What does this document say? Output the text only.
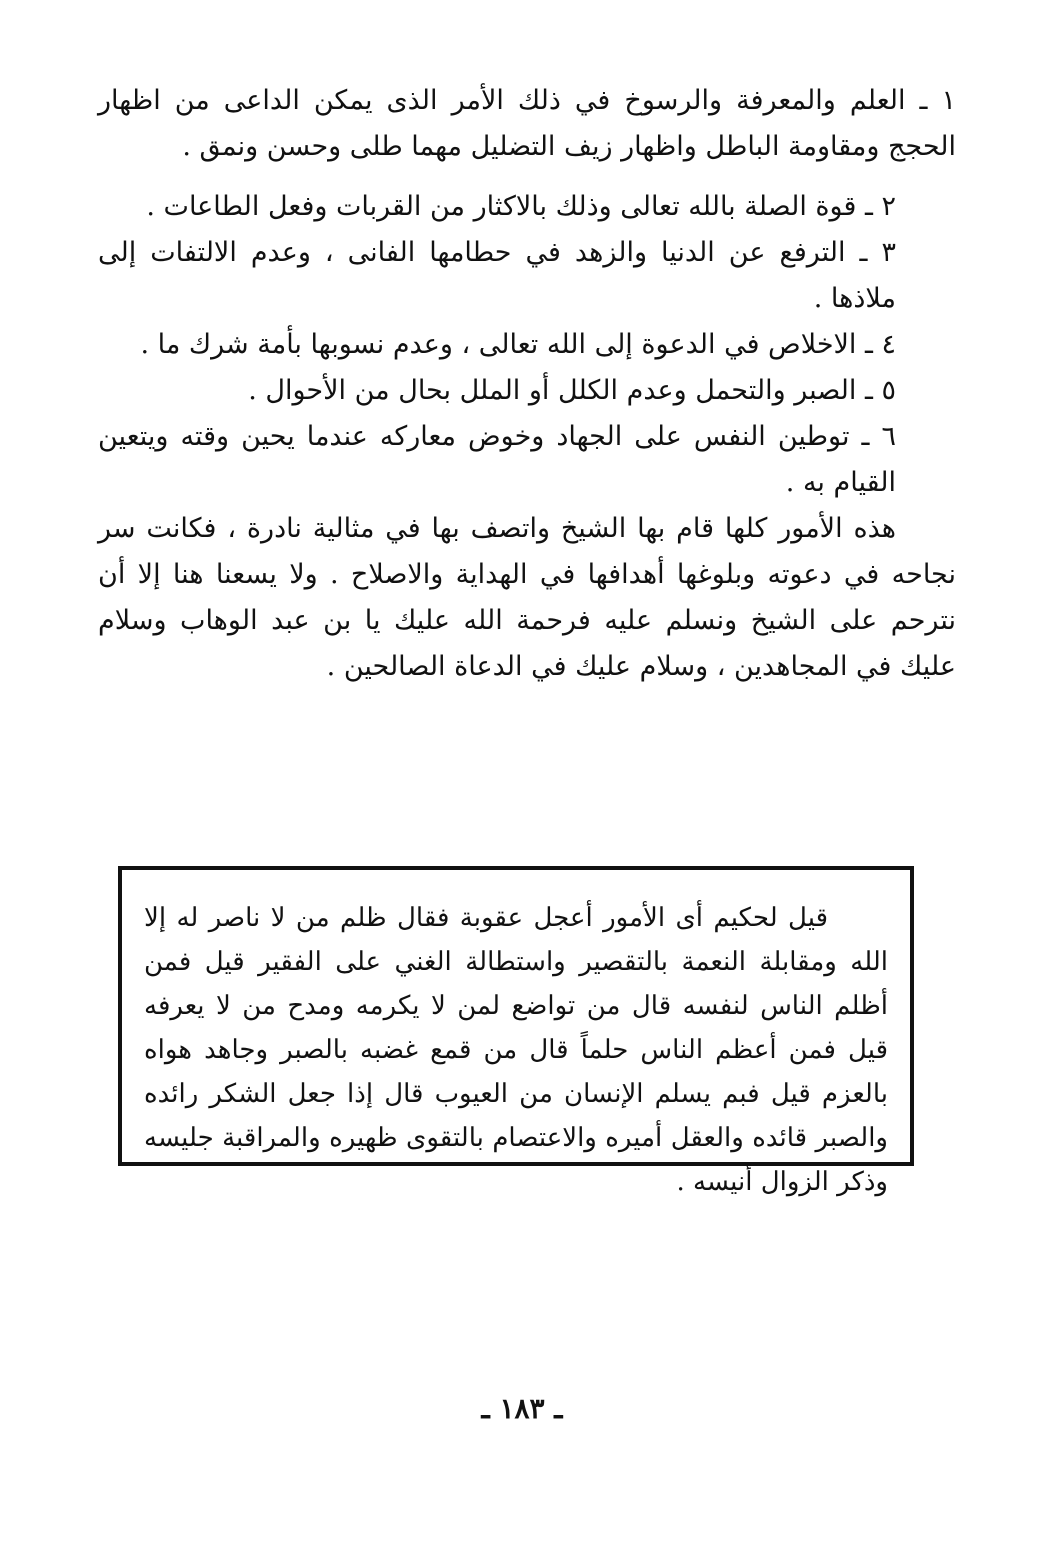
١ ـ العلم والمعرفة والرسوخ في ذلك الأمر الذى يمكن الداعى من اظهار الحجج ومقاومة الباطل واظهار زيف التضليل مهما طلى وحسن ونمق .

٢ ـ قوة الصلة بالله تعالى وذلك بالاكثار من القربات وفعل الطاعات .
٣ ـ الترفع عن الدنيا والزهد في حطامها الفانى ، وعدم الالتفات إلى ملاذها .
٤ ـ الاخلاص في الدعوة إلى الله تعالى ، وعدم نسوبها بأمة شرك ما .
٥ ـ الصبر والتحمل وعدم الكلل أو الملل بحال من الأحوال .
٦ ـ توطين النفس على الجهاد وخوض معاركه عندما يحين وقته ويتعين القيام به .

هذه الأمور كلها قام بها الشيخ واتصف بها في مثالية نادرة ، فكانت سر نجاحه في دعوته وبلوغها أهدافها في الهداية والاصلاح . ولا يسعنا هنا إلا أن نترحم على الشيخ ونسلم عليه فرحمة الله عليك يا بن عبد الوهاب وسلام عليك في المجاهدين ، وسلام عليك في الدعاة الصالحين .

قيل لحكيم أى الأمور أعجل عقوبة فقال ظلم من لا ناصر له إلا الله ومقابلة النعمة بالتقصير واستطالة الغني على الفقير قيل فمن أظلم الناس لنفسه قال من تواضع لمن لا يكرمه ومدح من لا يعرفه قيل فمن أعظم الناس حلماً قال من قمع غضبه بالصبر وجاهد هواه بالعزم قيل فبم يسلم الإنسان من العيوب قال إذا جعل الشكر رائده والصبر قائده والعقل أميره والاعتصام بالتقوى ظهيره والمراقبة جليسه وذكر الزوال أنيسه .

ـ ١٨٣ ـ
